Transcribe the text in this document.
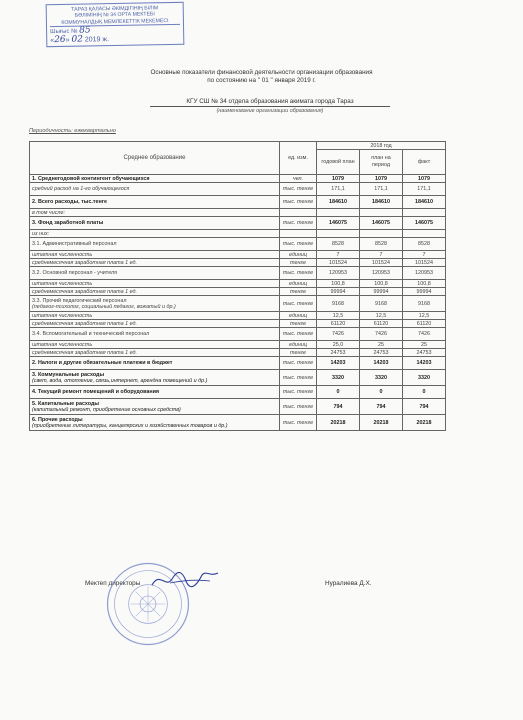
ТАРАЗ ҚАЛАСЫ ӘКІМДІГІНІҢ БІЛІМ
БӨЛІМІНІҢ № 34 ОРТА МЕКТЕБІ
КОММУНАЛДЫҚ МЕМЛЕКЕТТІК МЕКЕМЕСІ
Шығыс № 85
«26» 02 2019 ж.
Основные показатели финансовой деятельности организации образования
по состоянию на " 01 " января 2019 г.
КГУ СШ № 34 отдела образования акимата города Тараз
(наименование организации образования)
Периодичность: ежеквартально
Среднее образование	ед. изм.	2018 год		
		годовой план	план на период	факт
1. Среднегодовой контингент обучающихся	чел.	1079	1079	1079
средний расход на 1-го обучающегося	тыс. тенге	171,1	171,1	171,1
2. Всего расходы, тыс.тенге	тыс. тенге	184610	184610	184610
в том числе:				
3. Фонд заработной платы	тыс. тенге	146075	146075	146075
из них:				
3.1. Административный персонал	тыс. тенге	8528	8528	8528
штатная численность	единиц	7	7	7
среднемесячная заработная плата 1 ед.	тенге	101524	101524	101524
3.2. Основной персонал - учителя	тыс. тенге	120953	120953	120953
штатная численность	единиц	100,8	100,8	100,8
среднемесячная заработная плата 1 ед.	тенге	99994	99994	99994
3.3. Прочий педагогический персонал
(педагог-психолог, социальный педагог, вожатый и др.)	тыс. тенге	9168	9168	9168
штатная численность	единиц	12,5	12,5	12,5
среднемесячная заработная плата 1 ед.	тенге	61120	61120	61120
3.4. Вспомогательный и технический персонал	тыс. тенге	7426	7426	7426
штатная численность	единиц	25,0	25	25
среднемесячная заработная плата 1 ед.	тенге	24753	24753	24753
2. Налоги и другие обязательные платежи в бюджет	тыс. тенге	14203	14203	14203
3. Коммунальные расходы
(свет, вода, отопление, связь,интернет, арендна помещений и др.)	тыс. тенге	3320	3320	3320
4. Текущий ремонт помещений и оборудования	тыс. тенге	0	0	0
5. Капитальные расходы
(капитальный ремонт, приобретение основных средств)	тыс. тенге	794	794	794
6. Прочие расходы
(приобретение литературы, канцелярских и хозяйственных товаров и др.)	тыс. тенге	20218	20218	20218
Мектеп директоры	Нуралиева Д.Х.
